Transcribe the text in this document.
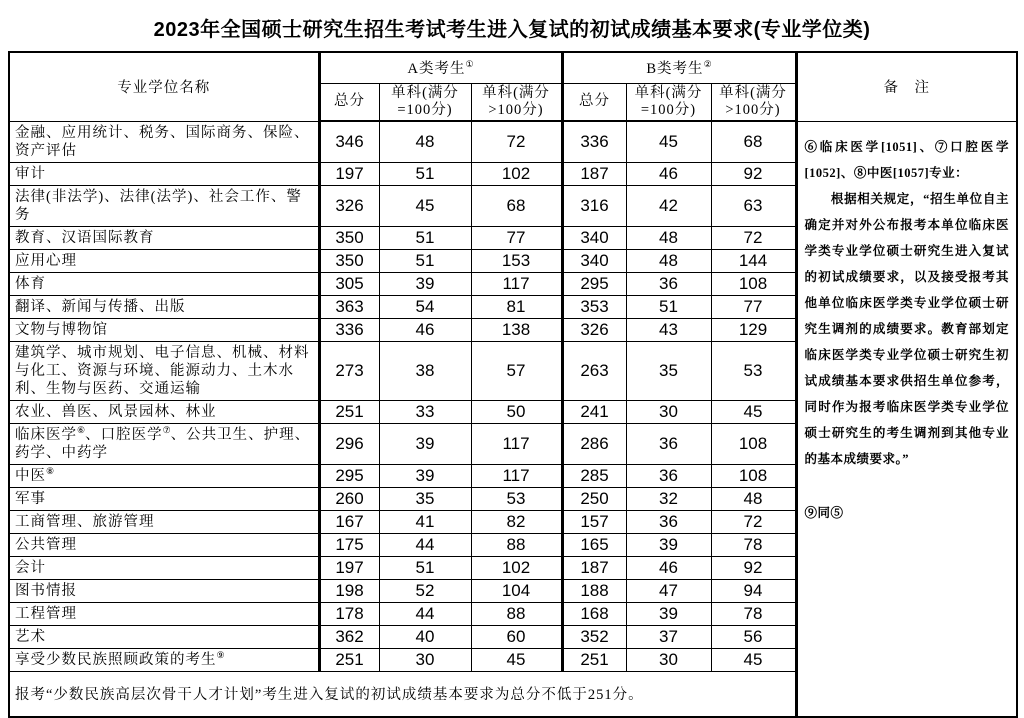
2023年全国硕士研究生招生考试考生进入复试的初试成绩基本要求(专业学位类)
专业学位名称	A类考生①			B类考生②			备　注
	总分	单科(满分=100分)	单科(满分>100分)	总分	单科(满分=100分)	单科(满分>100分)	
金融、应用统计、税务、国际商务、保险、资产评估	346	48	72	336	45	68	⑥临床医学[1051]、⑦口腔医学[1052]、⑧中医[1057]专业：

　　根据相关规定，“招生单位自主确定并对外公布报考本单位临床医学类专业学位硕士研究生进入复试的初试成绩要求，以及接受报考其他单位临床医学类专业学位硕士研究生调剂的成绩要求。教育部划定临床医学类专业学位硕士研究生初试成绩基本要求供招生单位参考，同时作为报考临床医学类专业学位硕士研究生的考生调剂到其他专业的基本成绩要求。”

⑨同⑤

审计	197	51	102	187	46	92	
法律(非法学)、法律(法学)、社会工作、警务	326	45	68	316	42	63	
教育、汉语国际教育	350	51	77	340	48	72	
应用心理	350	51	153	340	48	144	
体育	305	39	117	295	36	108	
翻译、新闻与传播、出版	363	54	81	353	51	77	
文物与博物馆	336	46	138	326	43	129	
建筑学、城市规划、电子信息、机械、材料与化工、资源与环境、能源动力、土木水利、生物与医药、交通运输	273	38	57	263	35	53	
农业、兽医、风景园林、林业	251	33	50	241	30	45	
临床医学⑥、口腔医学⑦、公共卫生、护理、药学、中药学	296	39	117	286	36	108	
中医⑧	295	39	117	285	36	108	
军事	260	35	53	250	32	48	
工商管理、旅游管理	167	41	82	157	36	72	
公共管理	175	44	88	165	39	78	
会计	197	51	102	187	46	92	
图书情报	198	52	104	188	47	94	
工程管理	178	44	88	168	39	78	
艺术	362	40	60	352	37	56	
享受少数民族照顾政策的考生⑨	251	30	45	251	30	45	
报考“少数民族高层次骨干人才计划”考生进入复试的初试成绩基本要求为总分不低于251分。							
